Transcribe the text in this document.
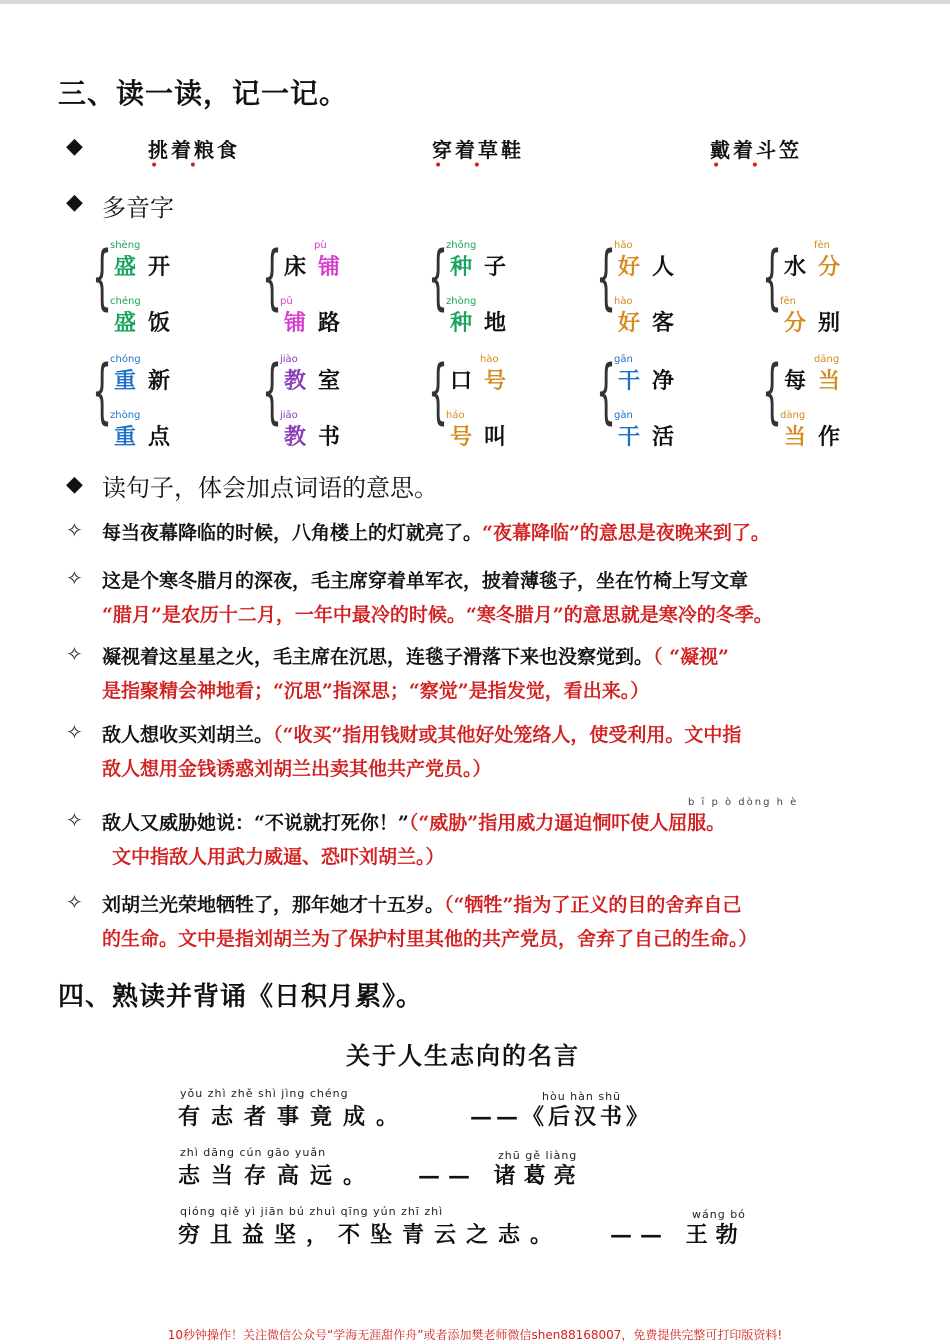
三、读一读，记一记。
◆	挑着粮食	穿着草鞋	戴着斗笠
• •	• •	• •
◆ 多音字
{
shèng
盛 开
chéng
盛 饭
{	pù
铺
床
pū
铺 路
{
zhǒng
种 子
zhòng
种 地
{
hǎo
好 人
hào
好 客
{	fèn
分
水
fēn
分 别
{
chóng
重 新
zhòng
重 点
{
jiào
教 室
jiāo
教 书
{	hào
号
口
háo
号 叫
{
gān
干 净
gàn
干 活
{	dāng
当
每
dàng
当 作
◆ 读句子，体会加点词语的意思。
✧ 每当夜幕降临的时候，八角楼上的灯就亮了。“夜幕降临”的意思是夜晚来到了。
✧ 这是个寒冬腊月的深夜，毛主席穿着单军衣，披着薄毯子，坐在竹椅上写文章
“腊月”是农历十二月，一年中最冷的时候。“寒冬腊月”的意思就是寒冷的冬季。
✧ 凝视着这星星之火，毛主席在沉思，连毯子滑落下来也没察觉到。（ “凝视”
是指聚精会神地看；“沉思”指深思；“察觉”是指发觉，看出来。）
✧ 敌人想收买刘胡兰。（“收买”指用钱财或其他好处笼络人，使受利用。文中指
敌人想用金钱诱惑刘胡兰出卖其他共产党员。）
✧ 敌人又威胁她说：“不说就打死你！”（“威胁”指用威力逼迫恫吓使人屈服。
文中指敌人用武力威逼、恐吓刘胡兰。）
✧ 刘胡兰光荣地牺牲了，那年她才十五岁。（“牺牲”指为了正义的目的舍弃自己
的生命。文中是指刘胡兰为了保护村里其他的共产党员，舍弃了自己的生命。）
b ī p ò dòng h è
四、熟读并背诵《日积月累》。
关于人生志向的名言
yǒu zhì zhě shì jìng chéng
有志者事竟成。
hòu hàn shū
——《后汉书》
zhì dāng cún gāo yuǎn
志当存高远。
zhū gě liàng
—— 诸葛亮
qióng qiě yì jiān bú zhuì qīng yún zhī zhì
穷且益坚，不坠青云之志。
wáng bó
—— 王勃
10秒钟操作！关注微信公众号“学海无涯甜作舟”或者添加樊老师微信shen88168007，免费提供完整可打印版资料!
